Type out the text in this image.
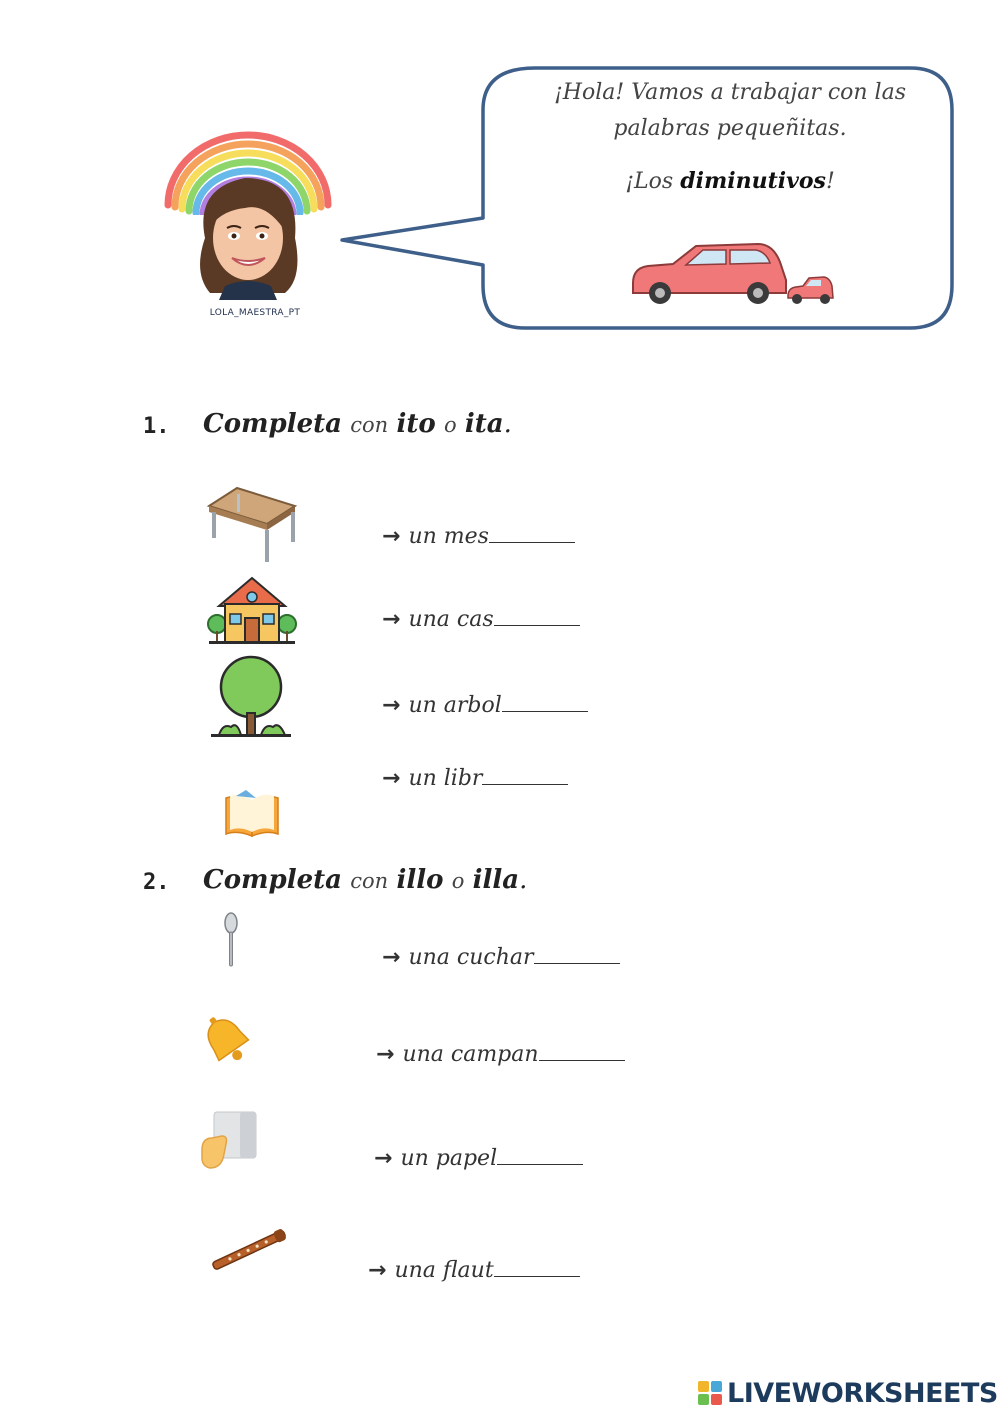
LOLA_MAESTRA_PT
¡Hola! Vamos a trabajar con las
palabras pequeñitas.
¡Los diminutivos!
1. Completa con ito o ita.
→ un mes
→ una cas
→ un arbol
→ un libr
2. Completa con illo o illa.
→ una cuchar
→ una campan
→ un papel
→ una flaut
LIVEWORKSHEETS
